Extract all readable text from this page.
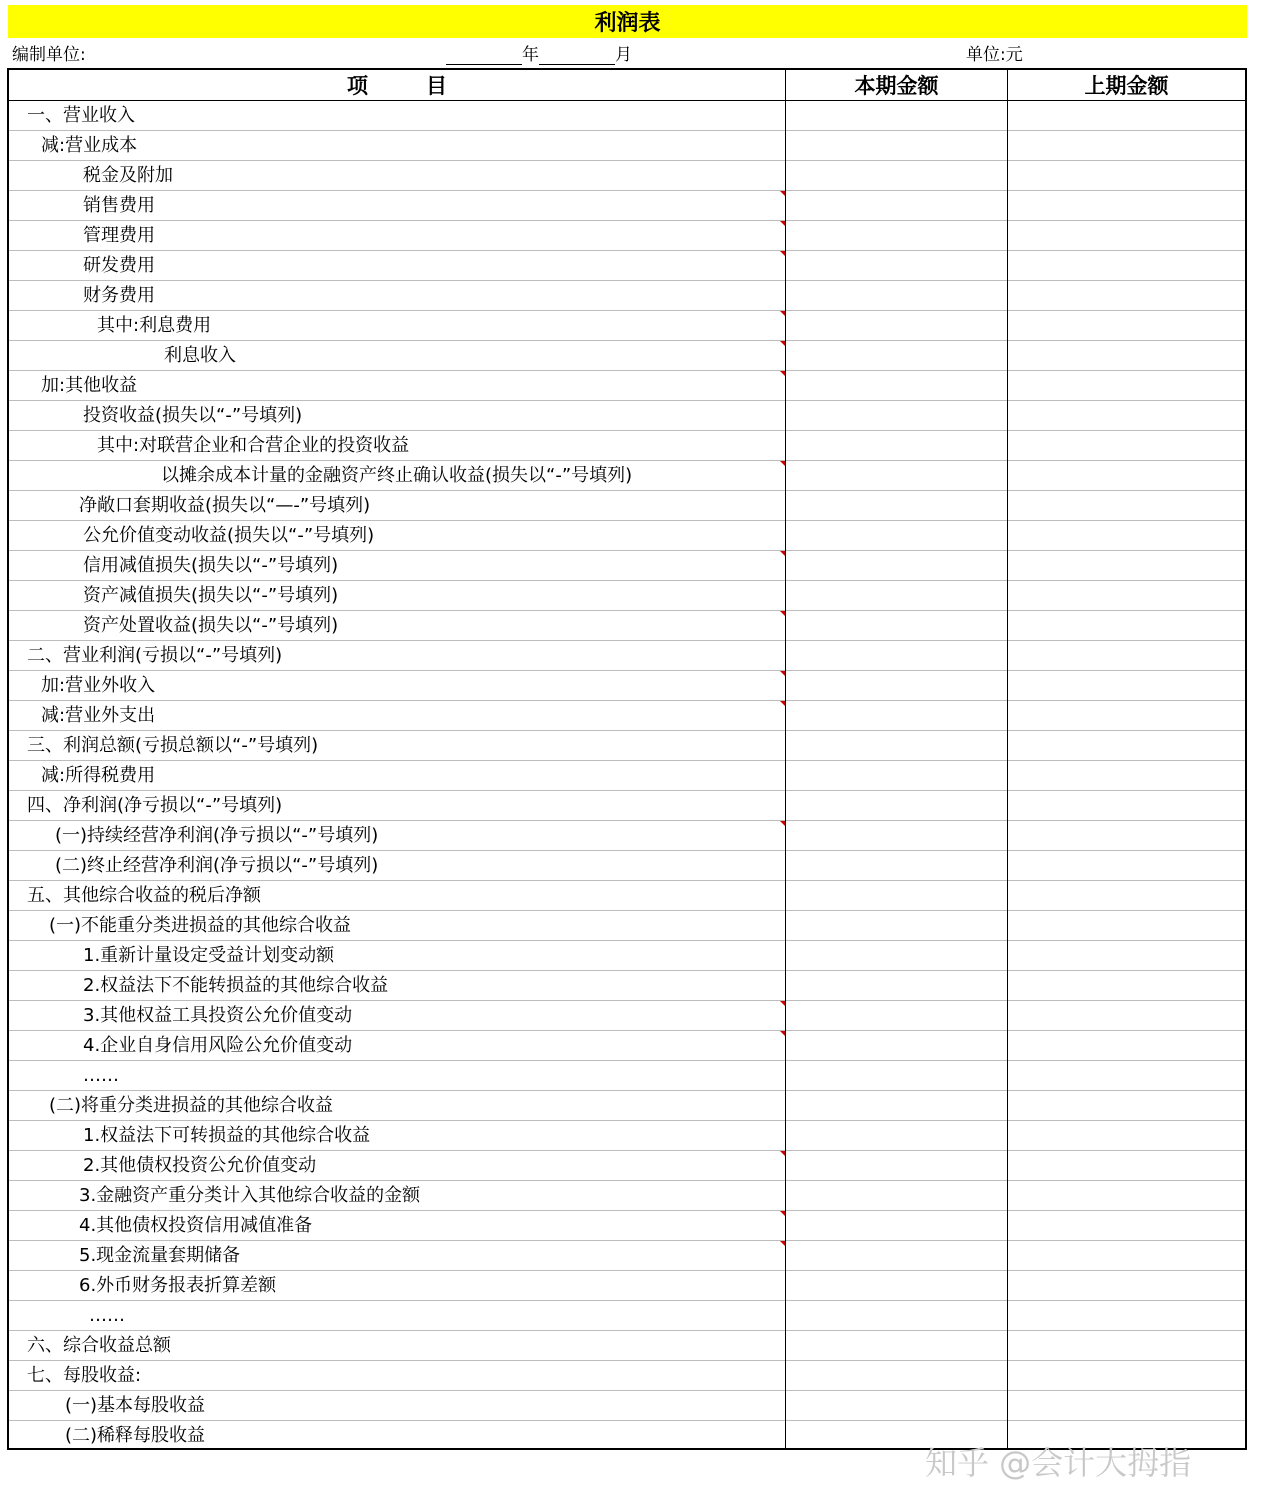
利润表
编制单位:	年	月	单位:元
项目	本期金额	上期金额
一、营业收入
减:营业成本
税金及附加
销售费用
管理费用
研发费用
财务费用
其中:利息费用
利息收入
加:其他收益
投资收益(损失以“-”号填列)
其中:对联营企业和合营企业的投资收益
以摊余成本计量的金融资产终止确认收益(损失以“-”号填列)
净敞口套期收益(损失以“—-”号填列)
公允价值变动收益(损失以“-”号填列)
信用减值损失(损失以“-”号填列)
资产减值损失(损失以“-”号填列)
资产处置收益(损失以“-”号填列)
二、营业利润(亏损以“-”号填列)
加:营业外收入
减:营业外支出
三、利润总额(亏损总额以“-”号填列)
减:所得税费用
四、净利润(净亏损以“-”号填列)
(一)持续经营净利润(净亏损以“-”号填列)
(二)终止经营净利润(净亏损以“-”号填列)
五、其他综合收益的税后净额
(一)不能重分类进损益的其他综合收益
1.重新计量设定受益计划变动额
2.权益法下不能转损益的其他综合收益
3.其他权益工具投资公允价值变动
4.企业自身信用风险公允价值变动
……
(二)将重分类进损益的其他综合收益
1.权益法下可转损益的其他综合收益
2.其他债权投资公允价值变动
3.金融资产重分类计入其他综合收益的金额
4.其他债权投资信用减值准备
5.现金流量套期储备
6.外币财务报表折算差额
……
六、综合收益总额
七、每股收益:
(一)基本每股收益
(二)稀释每股收益
知乎 @会计大拇指
